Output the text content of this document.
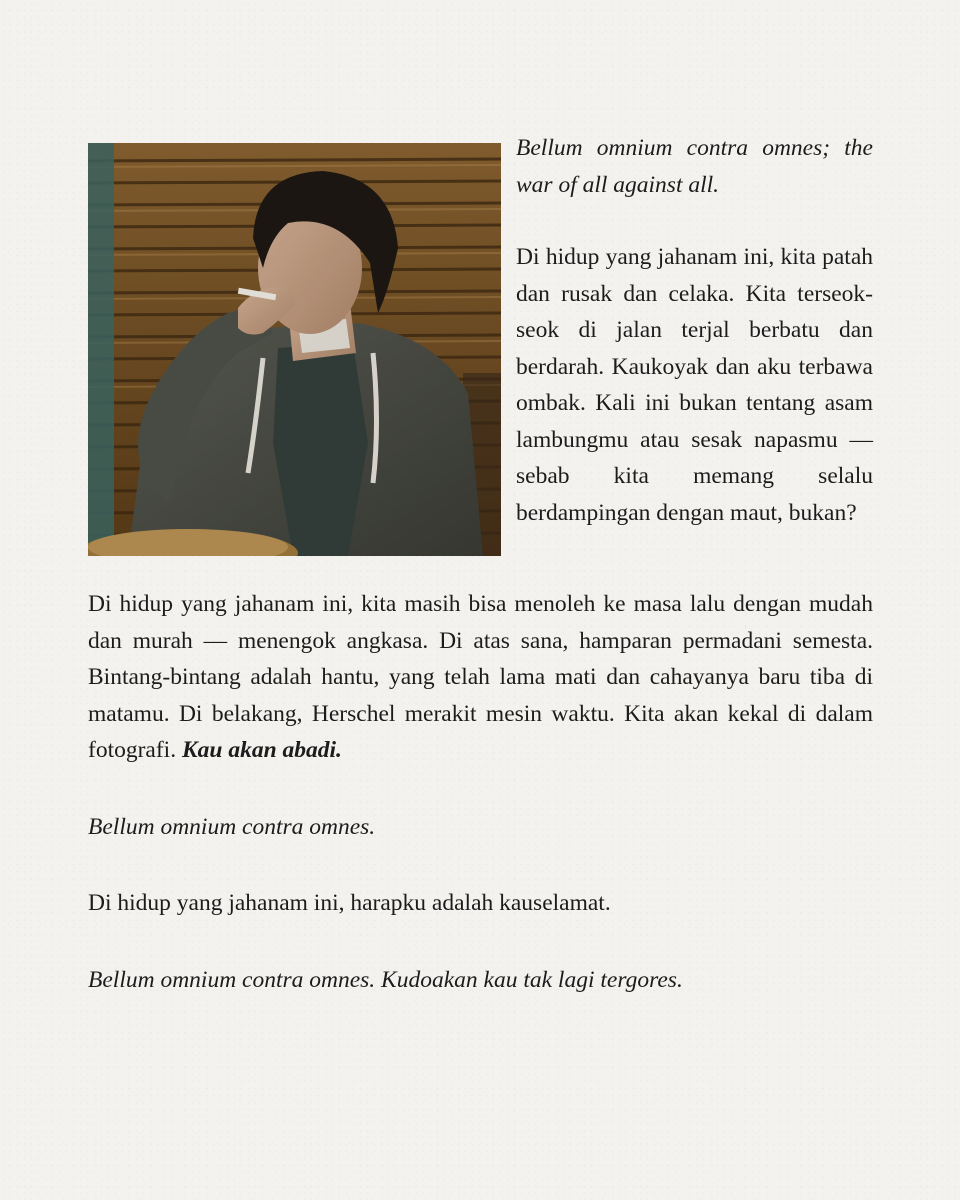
Bellum omnium contra omnes; the war of all against all.

Di hidup yang jahanam ini, kita patah dan rusak dan celaka. Kita terseok-seok di jalan terjal berbatu dan berdarah. Kaukoyak dan aku terbawa ombak. Kali ini bukan tentang asam lambungmu atau sesak napasmu — sebab kita memang selalu berdampingan dengan maut, bukan?

Di hidup yang jahanam ini, kita masih bisa menoleh ke masa lalu dengan mudah dan murah — menengok angkasa. Di atas sana, hamparan permadani semesta. Bintang-bintang adalah hantu, yang telah lama mati dan cahayanya baru tiba di matamu. Di belakang, Herschel merakit mesin waktu. Kita akan kekal di dalam fotografi. Kau akan abadi.

Bellum omnium contra omnes.

Di hidup yang jahanam ini, harapku adalah kauselamat.

Bellum omnium contra omnes. Kudoakan kau tak lagi tergores.
